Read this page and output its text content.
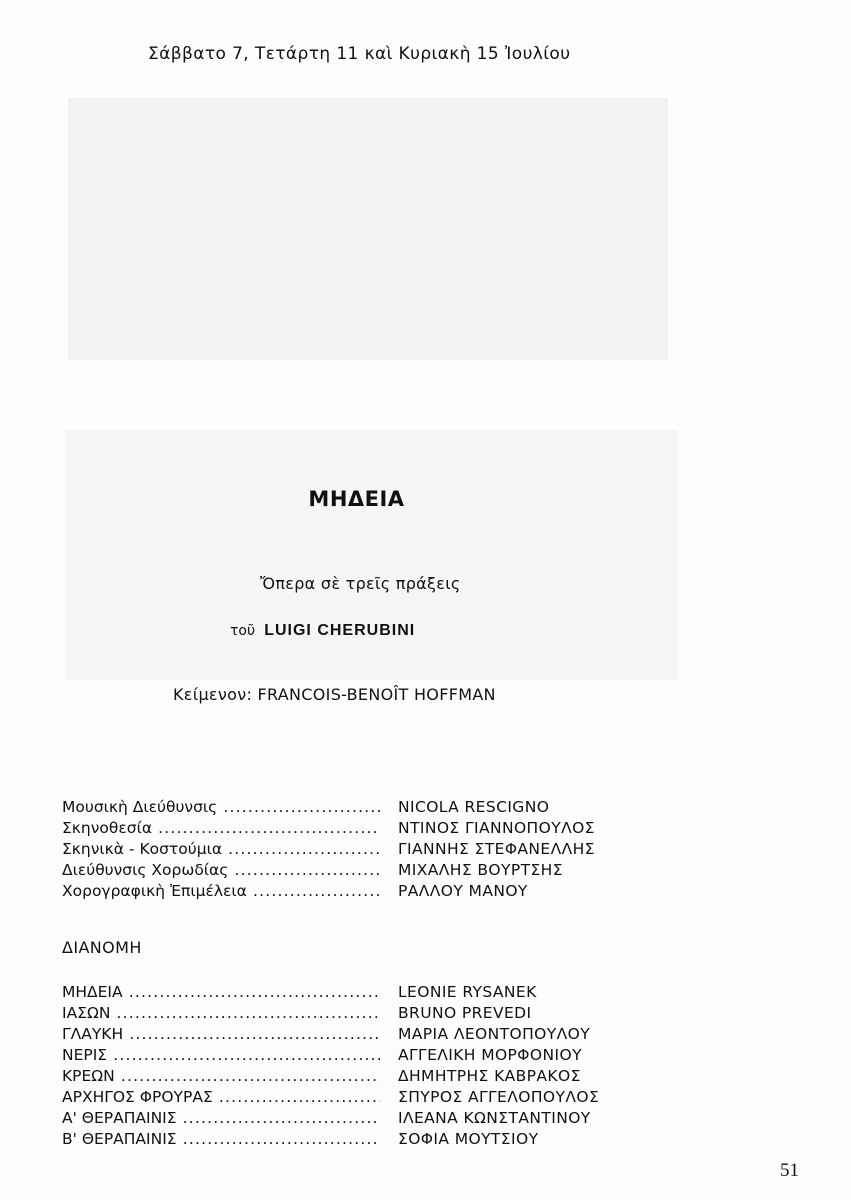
Σάββατο 7, Τετάρτη 11 καὶ Κυριακὴ 15 Ἰουλίου
ΜΗΔΕΙΑ
Ὄπερα σὲ τρεῖς πράξεις
τοῦ LUIGI CHERUBINI
Κείμενον: FRANCOIS-BENOÎT HOFFMAN
Μουσικὴ Διεύθυνσις .....	NICOLA RESCIGNO
Σκηνοθεσία .....	ΝΤΙΝΟΣ ΓΙΑΝΝΟΠΟΥΛΟΣ
Σκηνικὰ - Κοστούμια .....	ΓΙΑΝΝΗΣ ΣΤΕΦΑΝΕΛΛΗΣ
Διεύθυνσις Χορωδίας .....	ΜΙΧΑΛΗΣ ΒΟΥΡΤΣΗΣ
Χορογραφικὴ Ἐπιμέλεια .....	ΡΑΛΛΟΥ ΜΑΝΟΥ
ΔΙΑΝΟΜΗ
ΜΗΔΕΙΑ .....	LEONIE RYSANEK
ΙΑΣΩΝ .....	BRUNO PREVEDI
ΓΛΑΥΚΗ .....	ΜΑΡΙΑ ΛΕΟΝΤΟΠΟΥΛΟΥ
ΝΕΡΙΣ .....	ΑΓΓΕΛΙΚΗ ΜΟΡΦΟΝΙΟΥ
ΚΡΕΩΝ .....	ΔΗΜΗΤΡΗΣ ΚΑΒΡΑΚΟΣ
ΑΡΧΗΓΟΣ ΦΡΟΥΡΑΣ .....	ΣΠΥΡΟΣ ΑΓΓΕΛΟΠΟΥΛΟΣ
Α' ΘΕΡΑΠΑΙΝΙΣ .....	ΙΛΕΑΝΑ ΚΩΝΣΤΑΝΤΙΝΟΥ
Β' ΘΕΡΑΠΑΙΝΙΣ .....	ΣΟΦΙΑ ΜΟΥΤΣΙΟΥ
51
